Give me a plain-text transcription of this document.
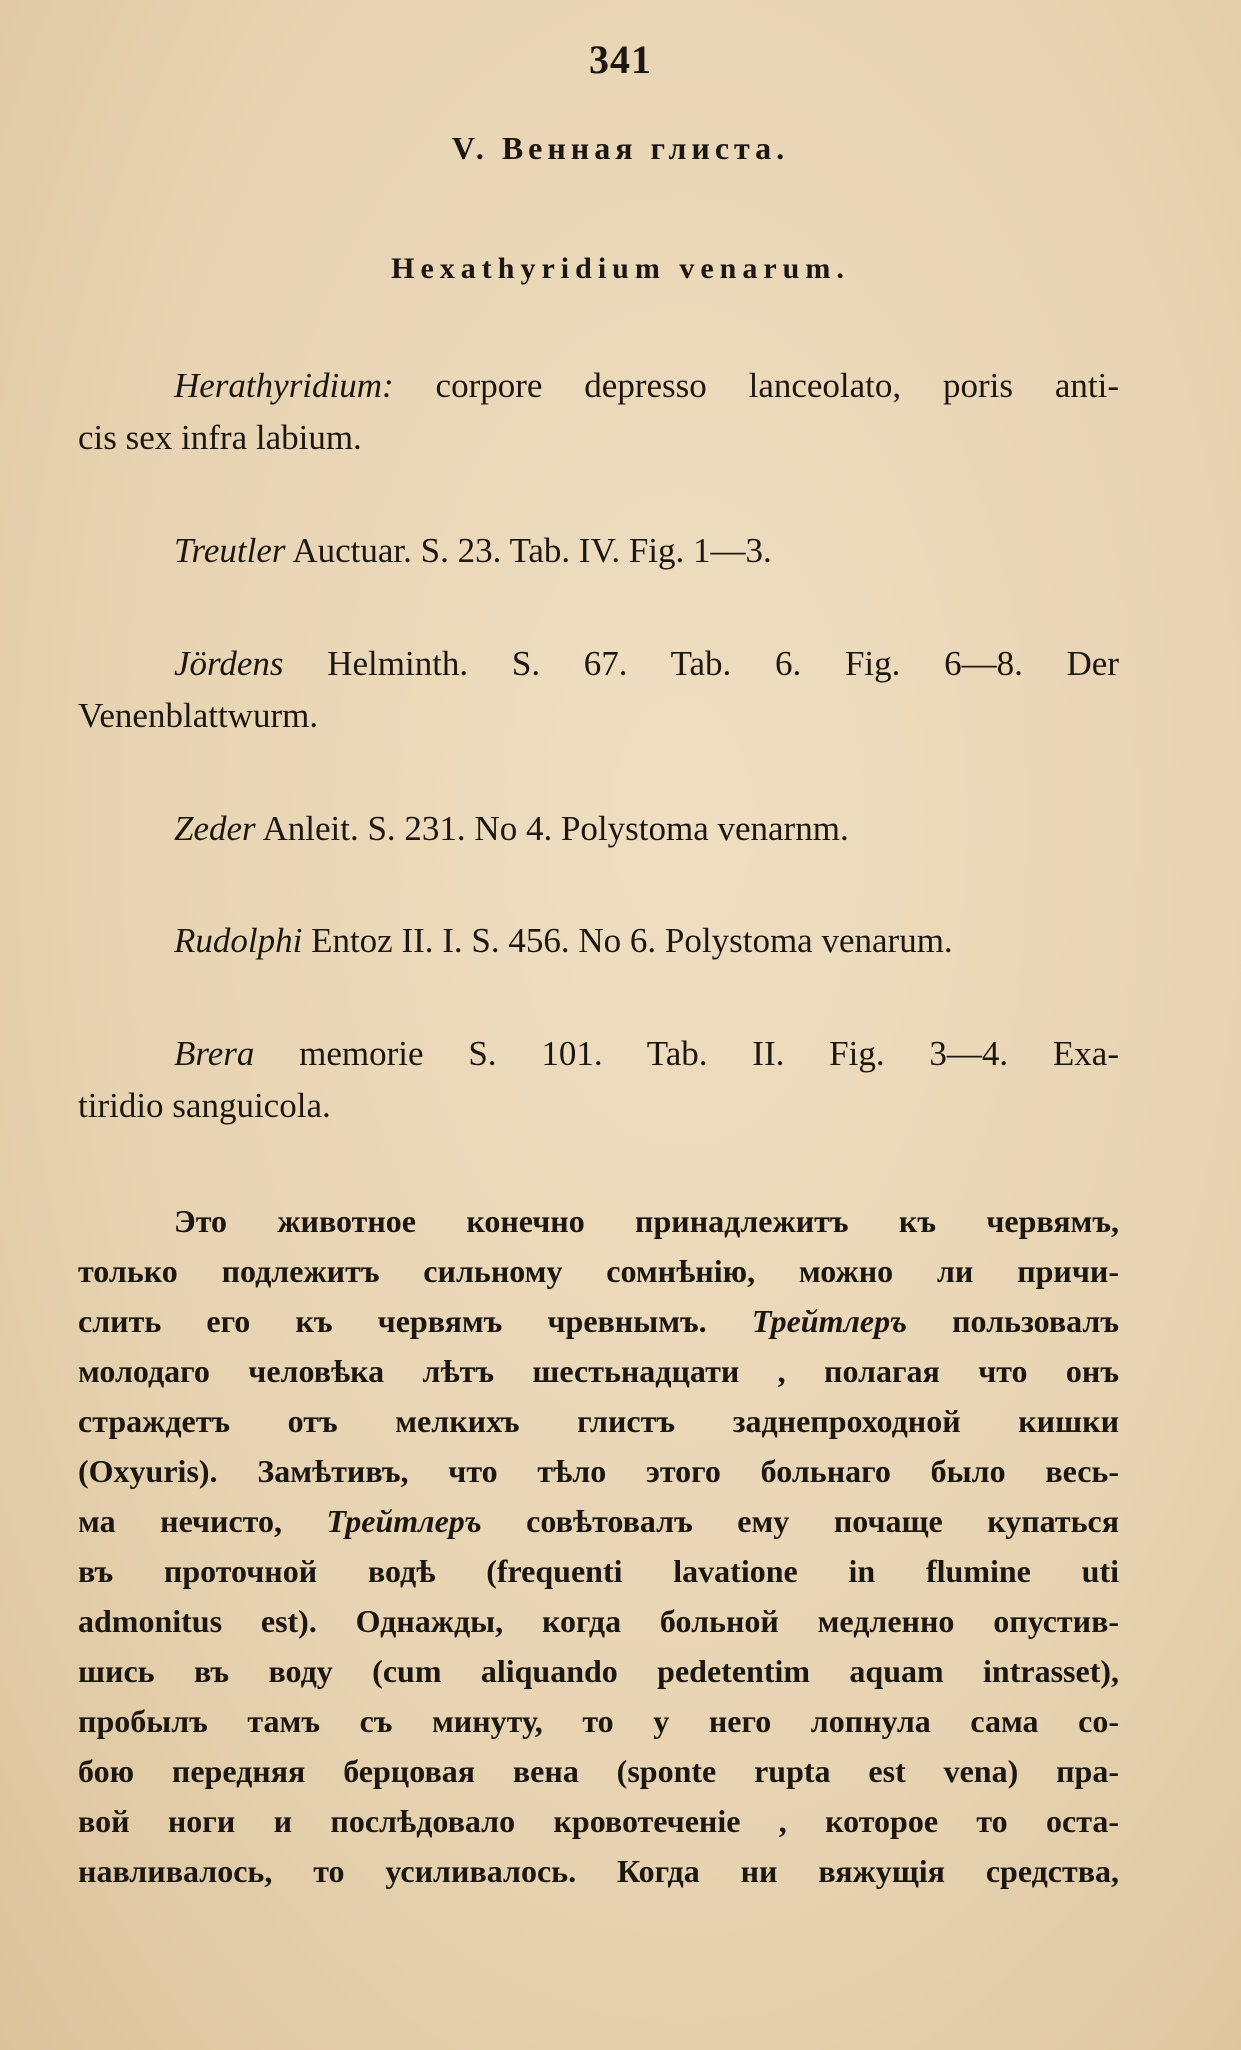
341
V. Венная глиста.
Hexathyridium venarum.
Herathyridium: corpore depresso lanceolato, poris anti-
cis sex infra labium.
Treutler Auctuar. S. 23. Tab. IV. Fig. 1—3.
Jördens Helminth. S. 67. Tab. 6. Fig. 6—8. Der
Venenblattwurm.
Zeder Anleit. S. 231. No 4. Polystoma venarnm.
Rudolphi Entoz II. I. S. 456. No 6. Polystoma venarum.
Brera memorie S. 101. Tab. II. Fig. 3—4. Exa-
tiridio sanguicola.
Это животное конечно принадлежитъ къ червямъ,
только подлежитъ сильному сомнѣнію, можно ли причи-
слить его къ червямъ чревнымъ. Трейтлеръ пользовалъ
молодаго человѣка лѣтъ шестьнадцати , полагая что онъ
страждетъ отъ мелкихъ глистъ заднепроходной кишки
(Oxyuris). Замѣтивъ, что тѣло этого больнаго было весь-
ма нечисто, Трейтлеръ совѣтовалъ ему почаще купаться
въ проточной водѣ (frequenti lavatione in flumine uti
admonitus est). Однажды, когда больной медленно опустив-
шись въ воду (cum aliquando pedetentim aquam intrasset),
пробылъ тамъ съ минуту, то у него лопнула сама со-
бою передняя берцовая вена (sponte rupta est vena) пра-
вой ноги и послѣдовало кровотеченіе , которое то оста-
навливалось, то усиливалось. Когда ни вяжущія средства,
